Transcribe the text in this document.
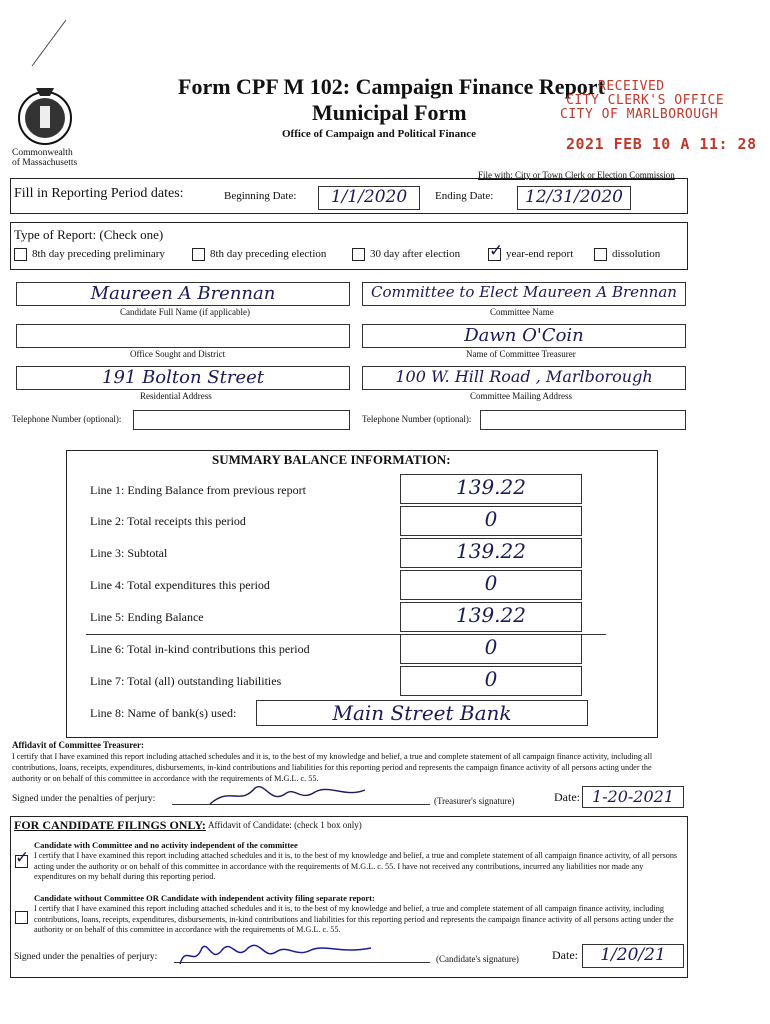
Commonwealth
of Massachusetts
Form CPF M 102: Campaign Finance Report
Municipal Form
Office of Campaign and Political Finance
RECEIVED
CITY CLERK'S OFFICE
CITY OF MARLBOROUGH
2021 FEB 10 A 11: 28
File with: City or Town Clerk or Election Commission
Fill in Reporting Period dates:	Beginning Date:	1/1/2020	Ending Date:	12/31/2020
Type of Report: (Check one)
8th day preceding preliminary	8th day preceding election	30 day after election ✓ year-end report	dissolution
Maureen A Brennan
Candidate Full Name (if applicable)
Committee to Elect Maureen A Brennan
Committee Name
Office Sought and District
Dawn O'Coin
Name of Committee Treasurer
191 Bolton Street
Residential Address
100 W. Hill Road , Marlborough
Committee Mailing Address
Telephone Number (optional):	Telephone Number (optional):
SUMMARY BALANCE INFORMATION:
Line 1: Ending Balance from previous report	139.22
Line 2: Total receipts this period	0
Line 3: Subtotal	139.22
Line 4: Total expenditures this period	0
Line 5: Ending Balance	139.22
Line 6: Total in-kind contributions this period	0
Line 7: Total (all) outstanding liabilities	0
Line 8: Name of bank(s) used:	Main Street Bank
Affidavit of Committee Treasurer:
I certify that I have examined this report including attached schedules and it is, to the best of my knowledge and belief, a true and complete statement of all campaign finance activity, including all contributions, loans, receipts, expenditures, disbursements, in-kind contributions and liabilities for this reporting period and represents the campaign finance activity of all persons acting under the authority or on behalf of this committee in accordance with the requirements of M.G.L. c. 55.
Signed under the penalties of perjury:	(Treasurer's signature)	Date: 1-20-2021
FOR CANDIDATE FILINGS ONLY: Affidavit of Candidate: (check 1 box only)
Candidate with Committee and no activity independent of the committee
✓ I certify that I have examined this report including attached schedules and it is, to the best of my knowledge and belief, a true and complete statement of all campaign finance activity, of all persons acting under the authority or on behalf of this committee in accordance with the requirements of M.G.L. c. 55. I have not received any contributions, incurred any liabilities nor made any expenditures on my behalf during this reporting period.
Candidate without Committee OR Candidate with independent activity filing separate report:
I certify that I have examined this report including attached schedules and it is, to the best of my knowledge and belief, a true and complete statement of all campaign finance activity, including contributions, loans, receipts, expenditures, disbursements, in-kind contributions and liabilities for this reporting period and represents the campaign finance activity of all persons acting under the authority or on behalf of this committee in accordance with the requirements of M.G.L. c. 55.
Signed under the penalties of perjury:	(Candidate's signature)	Date:	1/20/21
